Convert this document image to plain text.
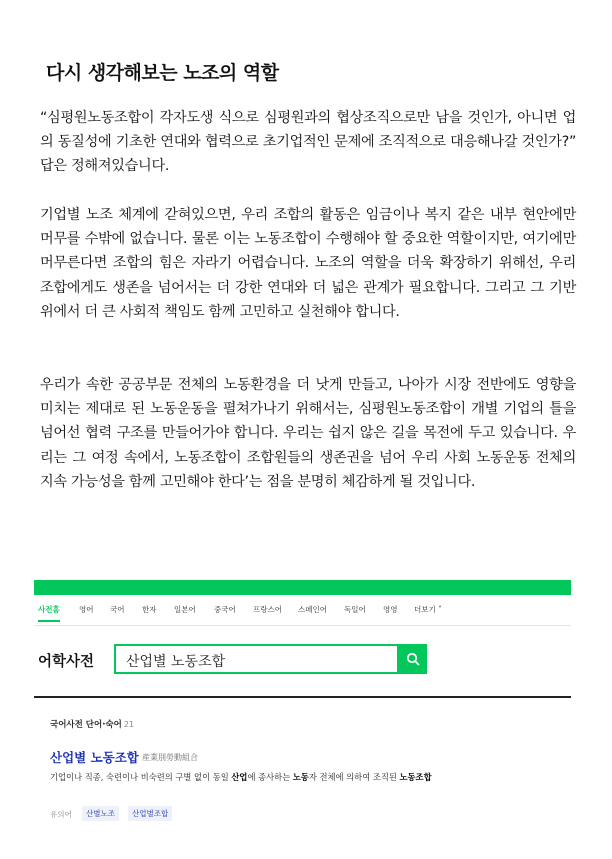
다시 생각해보는 노조의 역할

“심평원노동조합이 각자도생 식으로 심평원과의 협상조직으로만 남을 것인가, 아니면 업의 동질성에 기초한 연대와 협력으로 초기업적인 문제에 조직적으로 대응해나갈 것인가?” 답은 정해져있습니다.

기업별 노조 체계에 갇혀있으면, 우리 조합의 활동은 임금이나 복지 같은 내부 현안에만 머무를 수밖에 없습니다. 물론 이는 노동조합이 수행해야 할 중요한 역할이지만, 여기에만 머무른다면 조합의 힘은 자라기 어렵습니다. 노조의 역할을 더욱 확장하기 위해선, 우리 조합에게도 생존을 넘어서는 더 강한 연대와 더 넓은 관계가 필요합니다. 그리고 그 기반 위에서 더 큰 사회적 책임도 함께 고민하고 실천해야 합니다.

우리가 속한 공공부문 전체의 노동환경을 더 낫게 만들고, 나아가 시장 전반에도 영향을 미치는 제대로 된 노동운동을 펼쳐가나기 위해서는, 심평원노동조합이 개별 기업의 틀을 넘어선 협력 구조를 만들어가야 합니다. 우리는 쉽지 않은 길을 목전에 두고 있습니다. 우리는 그 여정 속에서, 노동조합이 조합원들의 생존권을 넘어 우리 사회 노동운동 전체의 지속 가능성을 함께 고민해야 한다’는 점을 분명히 체감하게 될 것입니다.

사전홈	영어 국어 한자 일본어 중국어 프랑스어 스페인어 독일어 영영 더보기 ˅
어학사전
산업별 노동조합
국어사전 단어·숙어 21
산업별 노동조합 産業別勞動組合
기업이나 직종, 숙련이나 비숙련의 구별 없이 동일 산업에 종사하는 노동자 전체에 의하여 조직된 노동조합
유의어	산별노조	산업별조합
